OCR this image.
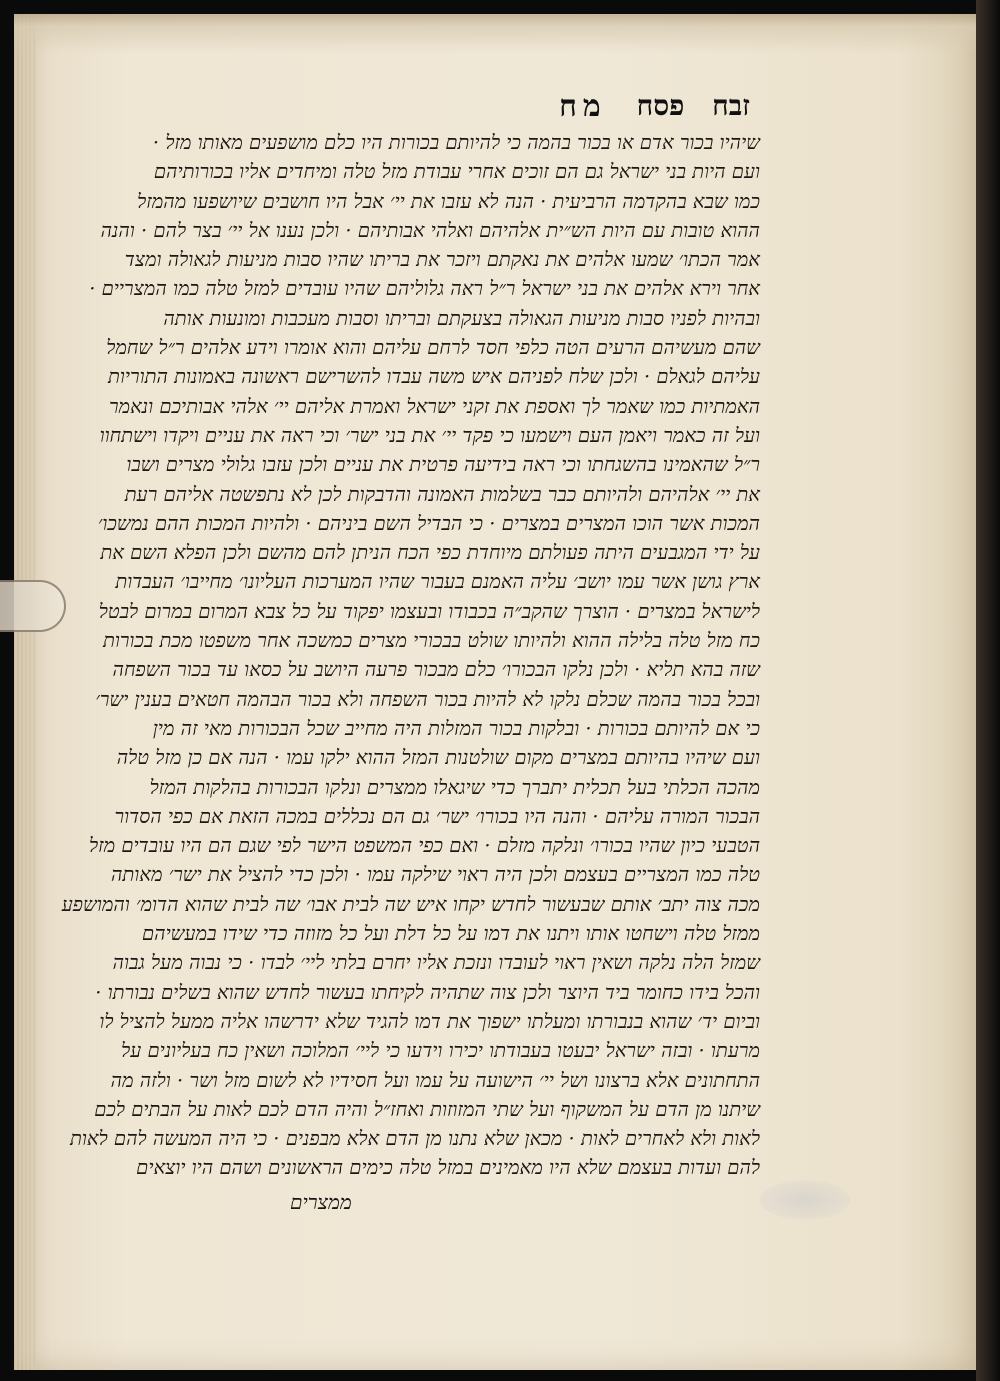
זבח פסח
מח
שיהיו בכור אדם או בכור בהמה כי להיותם בכורות היו כלם מושפעים מאותו מזל ·
ועם היות בני ישראל גם הם זוכים אחרי עבודת מזל טלה ומיחדים אליו בכורותיהם
כמו שבא בהקדמה הרביעית · הנה לא עזבו את יי׳ אבל היו חושבים שיושפעו מהמזל
ההוא טובות עם היות הש״ית אלהיהם ואלהי אבותיהם · ולכן נענו אל יי׳ בצר להם · והנה
אמר הכתו׳ שמעו אלהים את נאקתם ויזכר את בריתו שהיו סבות מניעות לגאולה ומצד
אחר וירא אלהים את בני ישראל ר״ל ראה גלוליהם שהיו עובדים למזל טלה כמו המצריים ·
ובהיות לפניו סבות מניעות הגאולה בצעקתם ובריתו וסבות מעכבות ומונעות אותה
שהם מעשיהם הרעים הטה כלפי חסד לרחם עליהם והוא אומרו וידע אלהים ר״ל שחמל
עליהם לגאלם · ולכן שלח לפניהם איש משה עבדו להשרישם ראשונה באמונות התוריות
האמתיות כמו שאמר לך ואספת את זקני ישראל ואמרת אליהם יי׳ אלהי אבותיכם ונאמר
ועל זה כאמר ויאמן העם וישמעו כי פקד יי׳ את בני ישר׳ וכי ראה את עניים ויקדו וישתחוו
ר״ל שהאמינו בהשגחתו וכי ראה בידיעה פרטית את עניים ולכן עזבו גלולי מצרים ושבו
את יי׳ אלהיהם ולהיותם כבר בשלמות האמונה והדבקות לכן לא נתפשטה אליהם רעת
המכות אשר הוכו המצרים במצרים · כי הבדיל השם ביניהם · ולהיות המכות ההם נמשכו׳
על ידי המגבעים היתה פעולתם מיוחדת כפי הכח הניתן להם מהשם ולכן הפלא השם את
ארץ גושן אשר עמו יושב׳ עליה האמנם בעבור שהיו המערכות העליונו׳ מחייבו׳ העבדות
לישראל במצרים · הוצרך שהקב״ה בכבודו ובעצמו יפקוד על כל צבא המרום במרום לבטל
כח מזל טלה בלילה ההוא ולהיותו שולט בבכורי מצרים כמשכה אחר משפטו מכת בכורות
שזה בהא תליא · ולכן נלקו הבכורו׳ כלם מבכור פרעה היושב על כסאו עד בכור השפחה
ובכל בכור בהמה שכלם נלקו לא להיות בכור השפחה ולא בכור הבהמה חטאים בענין ישר׳
כי אם להיותם בכורות · ובלקות בכור המזלות היה מחייב שכל הבכורות מאי זה מין
ועם שיהיו בהיותם במצרים מקום שולטנות המזל ההוא ילקו עמו · הנה אם כן מזל טלה
מהכה הכלתי בעל תכלית יתברך כדי שיגאלו ממצרים ונלקו הבכורות בהלקות המזל
הבכור המורה עליהם · והנה היו בכורו׳ ישר׳ גם הם נכללים במכה הזאת אם כפי הסדור
הטבעי כיון שהיו בכורו׳ ונלקה מזלם · ואם כפי המשפט הישר לפי שגם הם היו עובדים מזל
טלה כמו המצריים בעצמם ולכן היה ראוי שילקה עמו · ולכן כדי להציל את ישר׳ מאותה
מכה צוה יתב׳ אותם שבעשור לחדש יקחו איש שה לבית אבו׳ שה לבית שהוא הדומ׳ והמושפע
ממזל טלה וישחטו אותו ויתנו את דמו על כל דלת ועל כל מזוזה כדי שידו במעשיהם
שמזל הלה נלקה ושאין ראוי לעובדו ונזכת אליו יחרם בלתי ליי׳ לבדו · כי נבוה מעל גבוה
והכל בידו כחומר ביד היוצר ולכן צוה שתהיה לקיחתו בעשור לחדש שהוא בשלים נבורתו ·
וביום יד׳ שהוא בנבורתו ומעלתו ישפוך את דמו להגיד שלא ידרשהו אליה ממעל להציל לו
מרעתו · ובזה ישראל יבעטו בעבודתו יכירו וידעו כי ליי׳ המלוכה ושאין כח בעליונים על
התחתונים אלא ברצונו ושל יי׳ הישועה על עמו ועל חסידיו לא לשום מזל ושר · ולזה מה
שיתנו מן הדם על המשקוף ועל שתי המזוזות ואחז״ל והיה הדם לכם לאות על הבתים לכם
לאות ולא לאחרים לאות · מכאן שלא נתנו מן הדם אלא מבפנים · כי היה המעשה להם לאות
להם ועדות בעצמם שלא היו מאמינים במזל טלה כימים הראשונים ושהם היו יוצאים
ממצרים
